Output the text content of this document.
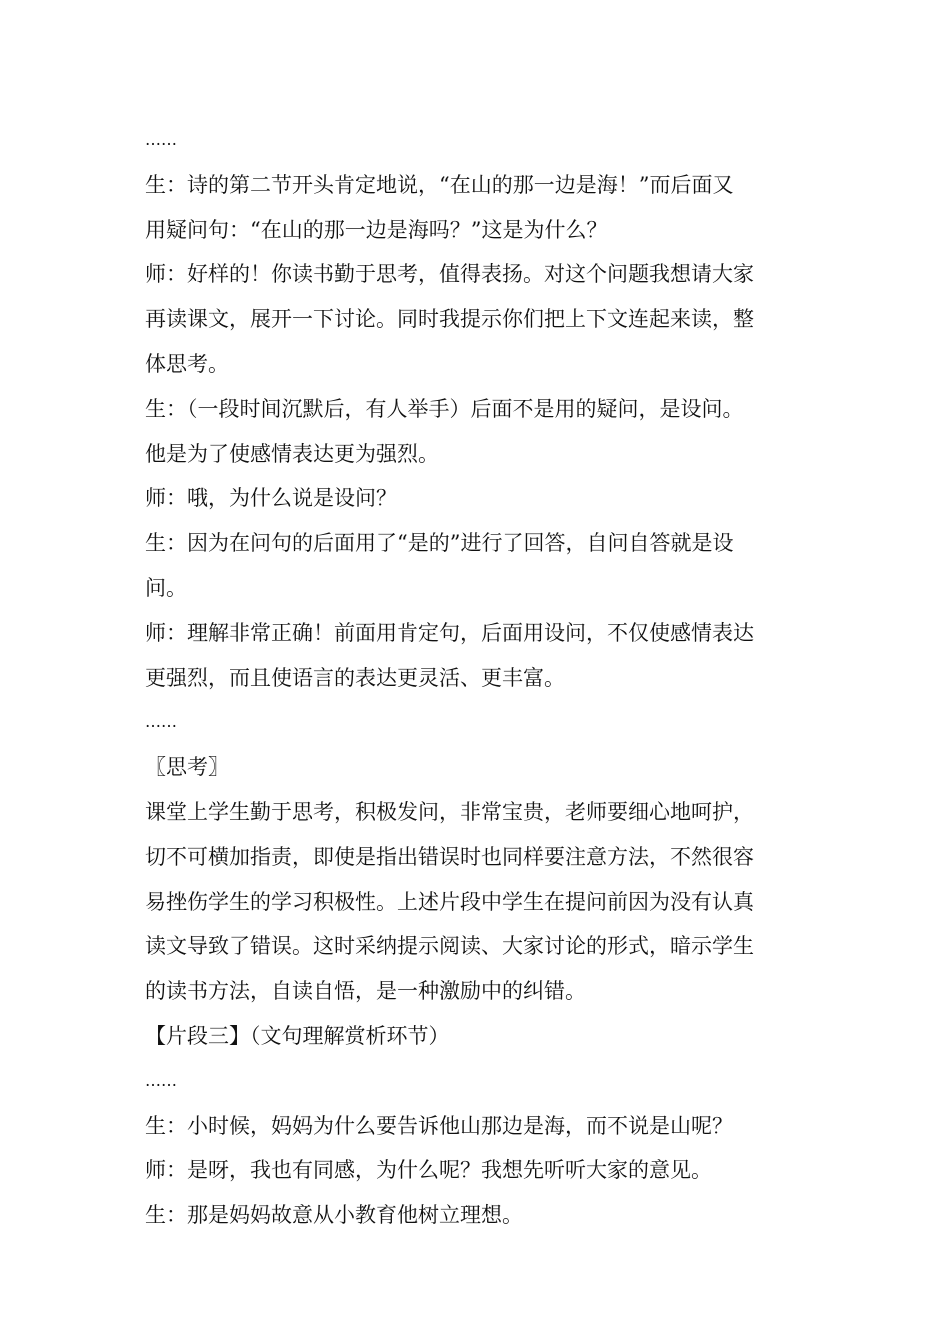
……
生：诗的第二节开头肯定地说，“在山的那一边是海！”而后面又
用疑问句：“在山的那一边是海吗？”这是为什么？
师：好样的！你读书勤于思考，值得表扬。对这个问题我想请大家
再读课文，展开一下讨论。同时我提示你们把上下文连起来读，整
体思考。
生：（一段时间沉默后，有人举手）后面不是用的疑问，是设问。
他是为了使感情表达更为强烈。
师：哦，为什么说是设问？
生：因为在问句的后面用了“是的”进行了回答，自问自答就是设
问。
师：理解非常正确！前面用肯定句，后面用设问，不仅使感情表达
更强烈，而且使语言的表达更灵活、更丰富。
……
〖思考〗
课堂上学生勤于思考，积极发问，非常宝贵，老师要细心地呵护，
切不可横加指责，即使是指出错误时也同样要注意方法，不然很容
易挫伤学生的学习积极性。上述片段中学生在提问前因为没有认真
读文导致了错误。这时采纳提示阅读、大家讨论的形式，暗示学生
的读书方法，自读自悟，是一种激励中的纠错。
【片段三】（文句理解赏析环节）
……
生：小时候，妈妈为什么要告诉他山那边是海，而不说是山呢？
师：是呀，我也有同感，为什么呢？我想先听听大家的意见。
生：那是妈妈故意从小教育他树立理想。
